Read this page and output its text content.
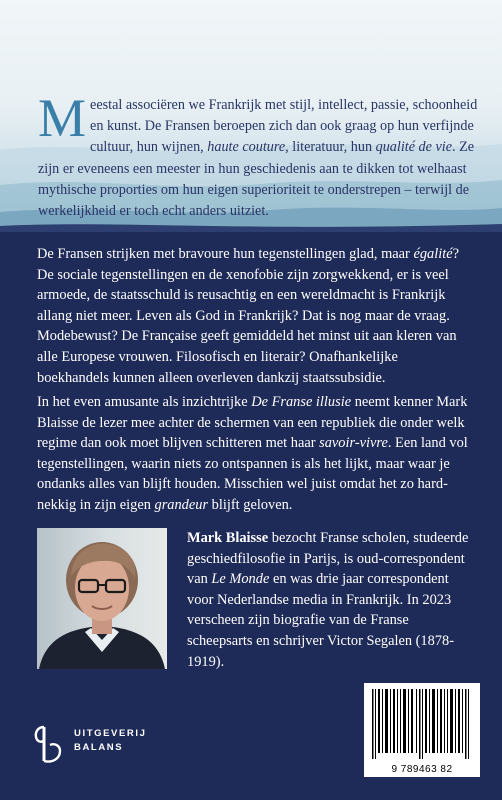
Meestal associëren we Frankrijk met stijl, intellect, passie, schoonheid en kunst. De Fransen beroepen zich dan ook graag op hun verfijnde cultuur, hun wijnen, haute couture, literatuur, hun qualité de vie. Ze zijn er eveneens een meester in hun geschiedenis aan te dikken tot welhaast mythische proporties om hun eigen superioriteit te onderstrepen – terwijl de werkelijkheid er toch echt anders uitziet.
De Fransen strijken met bravoure hun tegenstellingen glad, maar égalité? De sociale tegenstellingen en de xenofobie zijn zorgwekkend, er is veel armoede, de staatsschuld is reusachtig en een wereldmacht is Frankrijk allang niet meer. Leven als God in Frankrijk? Dat is nog maar de vraag. Modebewust? De Française geeft gemiddeld het minst uit aan kleren van alle Europese vrouwen. Filosofisch en literair? Onafhankelijke boekhandels kunnen alleen overleven dankzij staatssubsidie.
In het even amusante als inzichtrijke De Franse illusie neemt kenner Mark Blaisse de lezer mee achter de schermen van een republiek die onder welk regime dan ook moet blijven schitteren met haar savoir-vivre. Een land vol tegenstellingen, waarin niets zo ontspannen is als het lijkt, maar waar je ondanks alles van blijft houden. Misschien wel juist omdat het zo hardnekkig in zijn eigen grandeur blijft geloven.
Mark Blaisse bezocht Franse scholen, studeerde geschiedfilosofie in Parijs, is oud-correspondent van Le Monde en was drie jaar correspondent voor Nederlandse media in Frankrijk. In 2023 verscheen zijn biografie van de Franse scheepsarts en schrijver Victor Segalen (1878-1919).
UITGEVERIJ
BALANS
9 789463 82
